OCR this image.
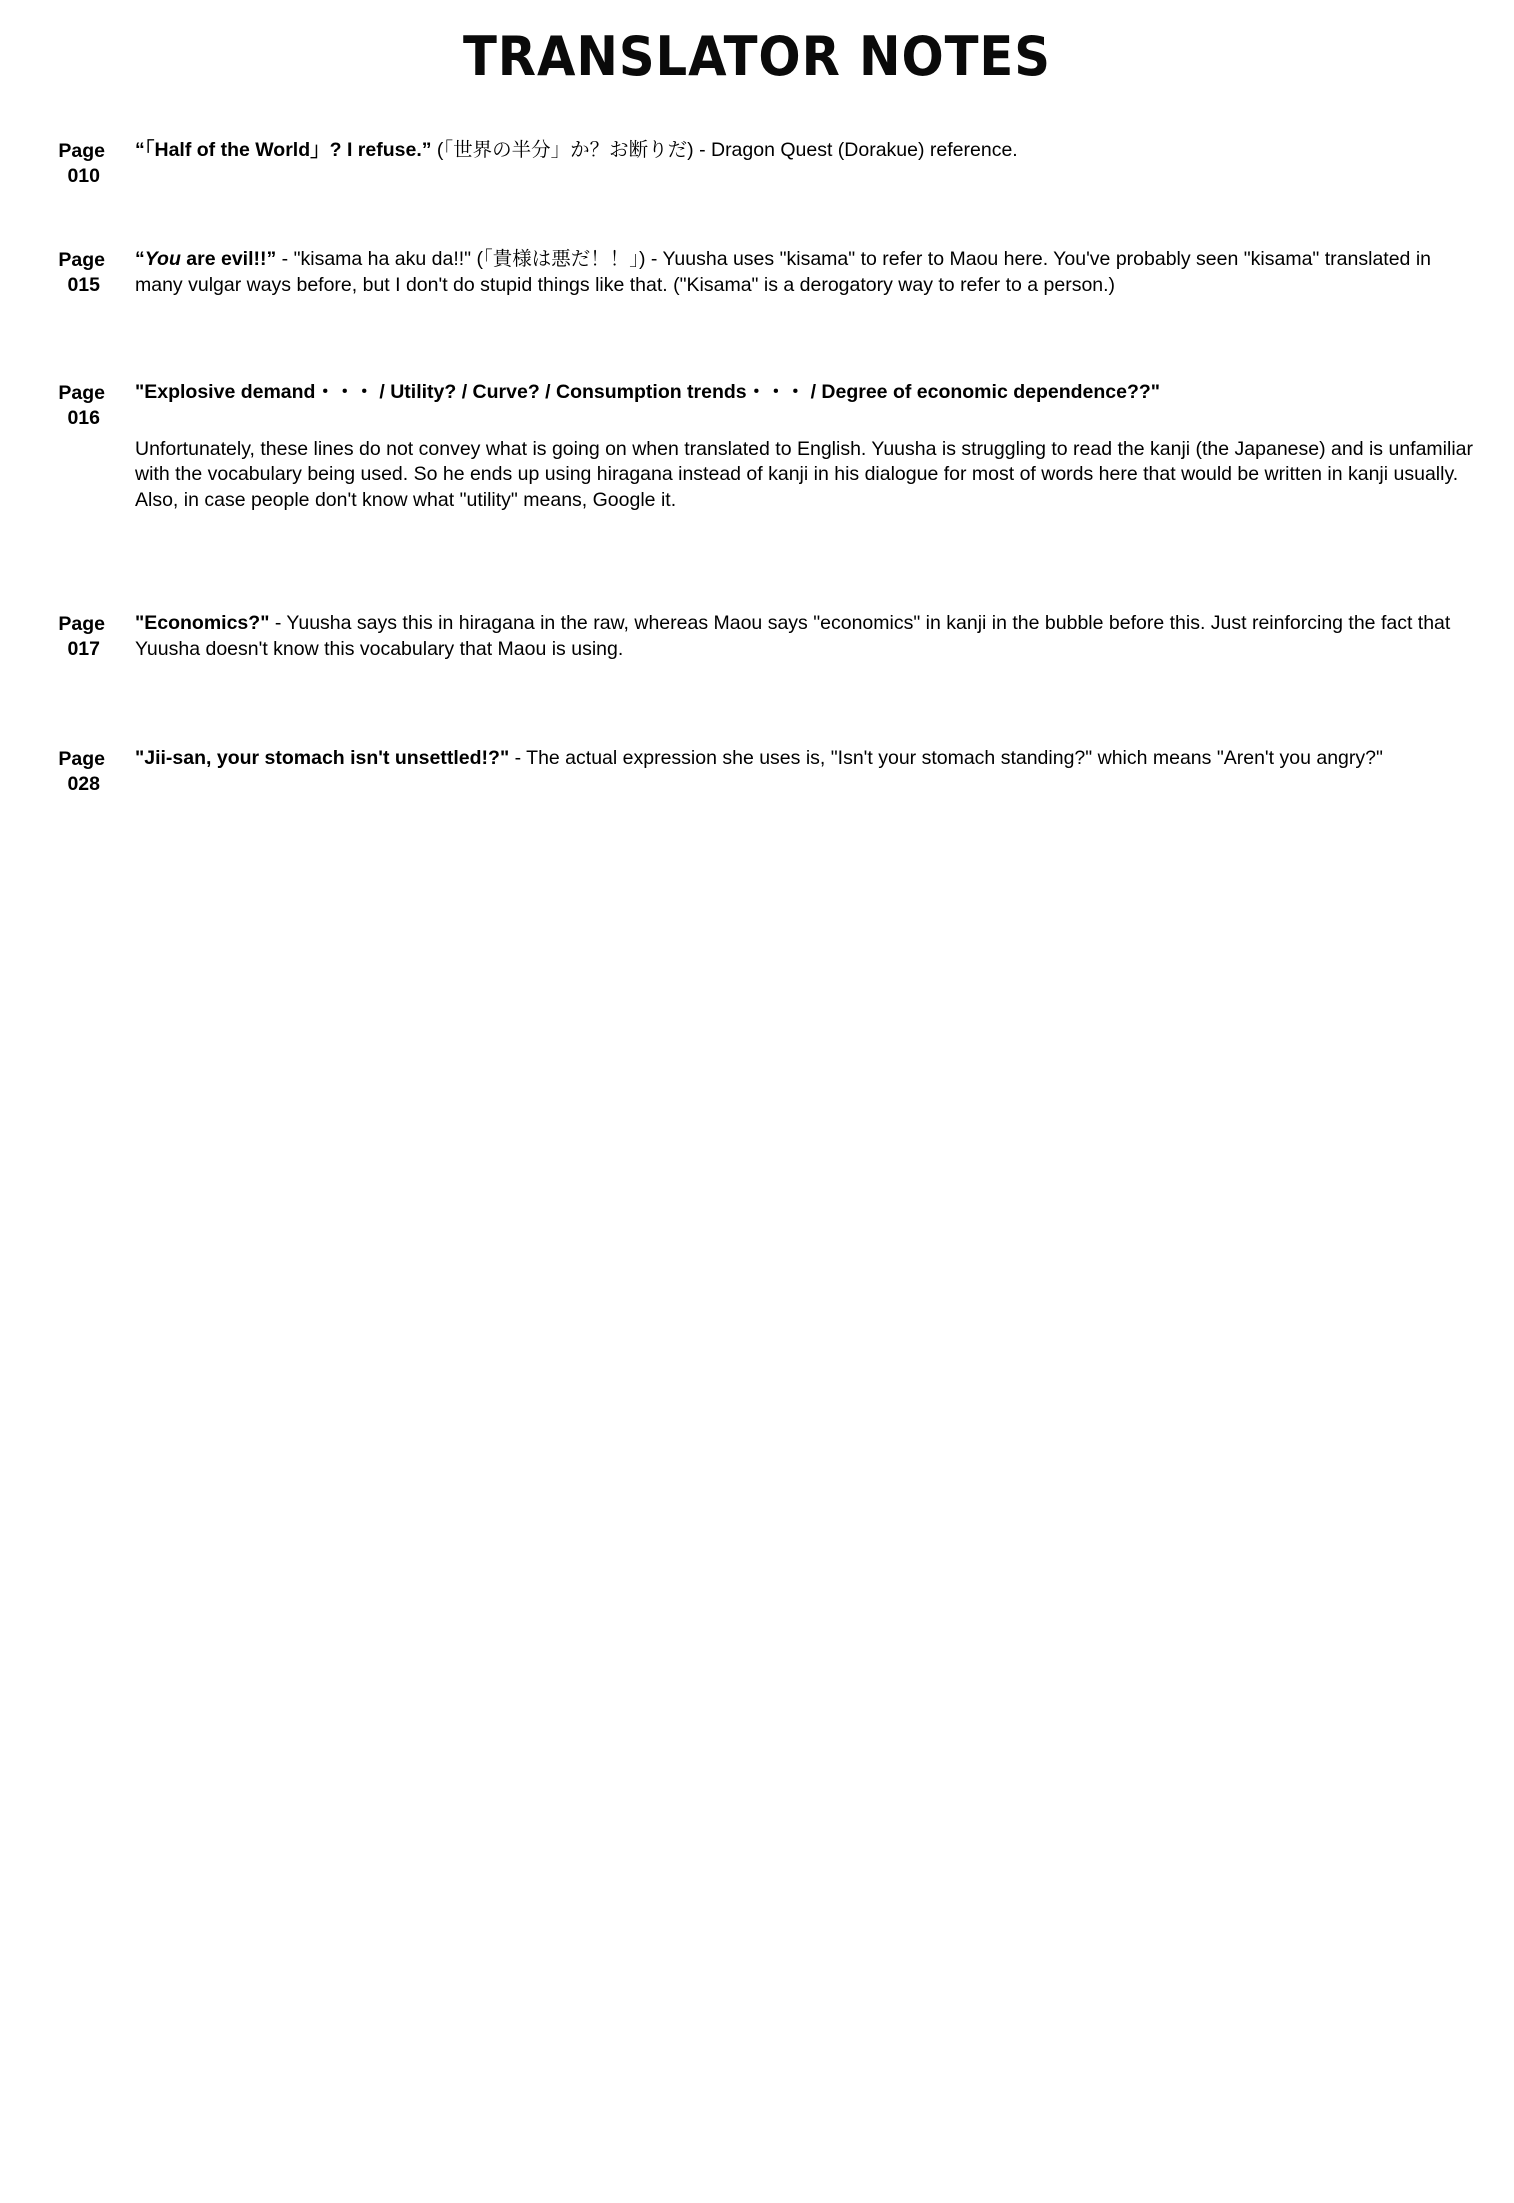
TRANSLATOR NOTES
Page
010

“「Half of the World」? I refuse.” (「世界の半分」か？お断りだ) - Dragon Quest (Dorakue) reference.

Page
015

“You are evil!!” - "kisama ha aku da!!" (「貴様は悪だ！！」) - Yuusha uses "kisama" to refer to Maou here. You've probably seen "kisama" translated in many vulgar ways before, but I don't do stupid things like that. ("Kisama" is a derogatory way to refer to a person.)

Page
016

"Explosive demand・・・ / Utility? / Curve? / Consumption trends・・・ / Degree of economic dependence??"

Unfortunately, these lines do not convey what is going on when translated to English. Yuusha is struggling to read the kanji (the Japanese) and is unfamiliar with the vocabulary being used. So he ends up using hiragana instead of kanji in his dialogue for most of words here that would be written in kanji usually. Also, in case people don't know what "utility" means, Google it.

Page
017

"Economics?" - Yuusha says this in hiragana in the raw, whereas Maou says "economics" in kanji in the bubble before this. Just reinforcing the fact that Yuusha doesn't know this vocabulary that Maou is using.

Page
028

"Jii-san, your stomach isn't unsettled!?" - The actual expression she uses is, "Isn't your stomach standing?" which means "Aren't you angry?"
